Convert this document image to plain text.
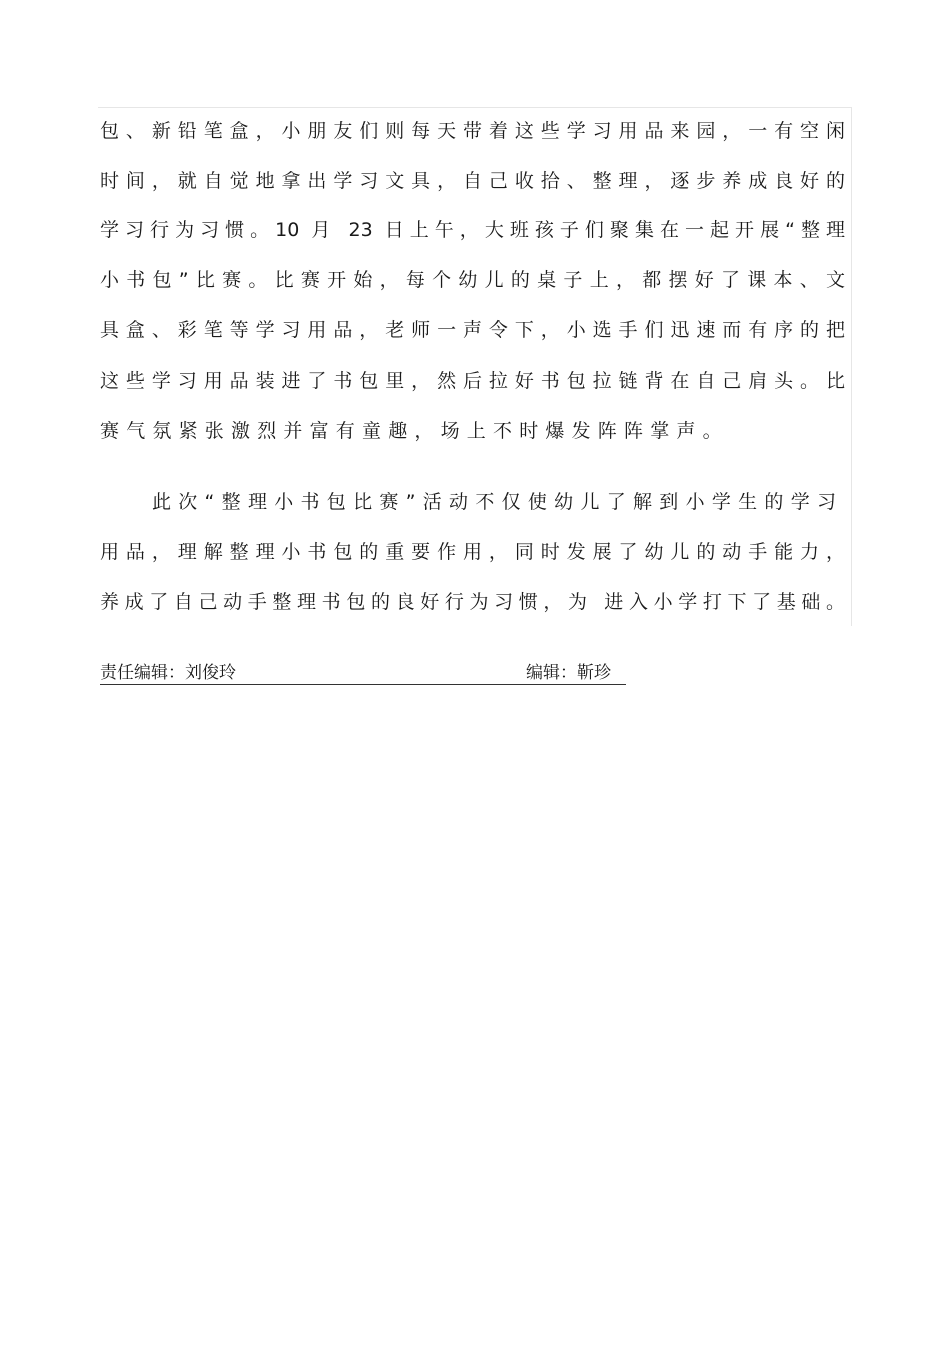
包、新铅笔盒，小朋友们则每天带着这些学习用品来园，一有空闲
时间，就自觉地拿出学习文具，自己收拾、整理，逐步养成良好的
学习行为习惯。10 月 23 日上午，大班孩子们聚集在一起开展“整理
小书包”比赛。比赛开始，每个幼儿的桌子上，都摆好了课本、文
具盒、彩笔等学习用品，老师一声令下，小选手们迅速而有序的把
这些学习用品装进了书包里，然后拉好书包拉链背在自己肩头。比
赛气氛紧张激烈并富有童趣，场上不时爆发阵阵掌声。
此次“整理小书包比赛”活动不仅使幼儿了解到小学生的学习
用品，理解整理小书包的重要作用，同时发展了幼儿的动手能力，
养成了自己动手整理书包的良好行为习惯，为 进入小学打下了基础。
责任编辑：刘俊玲	编辑：靳珍
